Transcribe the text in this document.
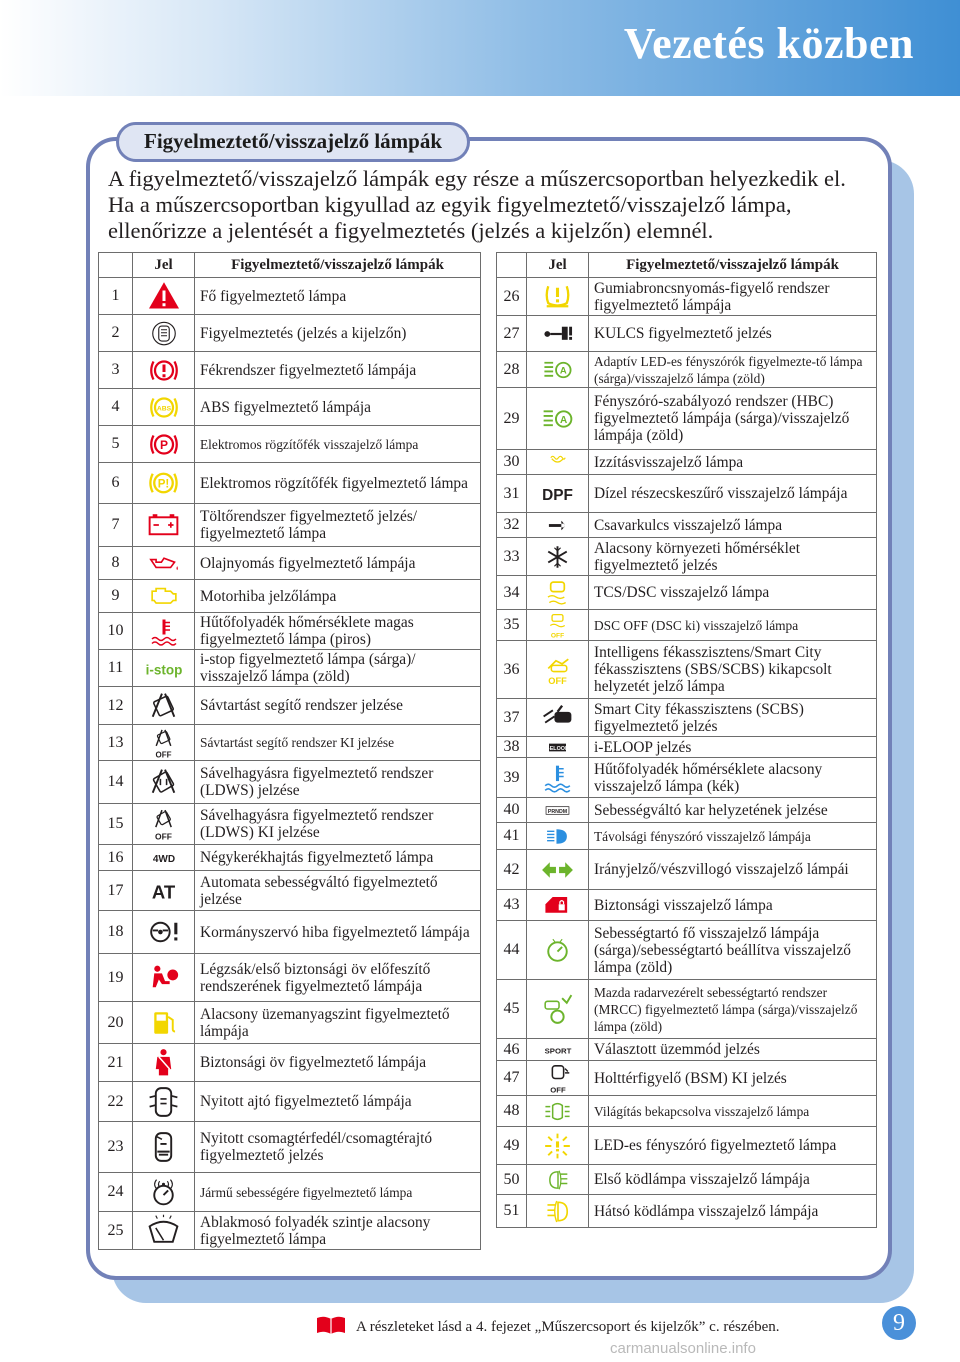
Vezetés közben
Figyelmeztető/visszajelző lámpák
A figyelmeztető/visszajelző lámpák egy része a műszercsoportban helyezkedik el.
Ha a műszercsoportban kigyullad az egyik figyelmeztető/visszajelző lámpa,
ellenőrizze a jelentését a figyelmeztetés (jelzés a kijelzőn) elemnél.
	Jel	Figyelmeztető/visszajelző lámpák
1		Fő figyelmeztető lámpa
2		Figyelmeztetés (jelzés a kijelzőn)
3		Fékrendszer figyelmeztető lámpája
4	ABS	ABS figyelmeztető lámpája
5	P	Elektromos rögzítőfék visszajelző lámpa
6	P!	Elektromos rögzítőfék figyelmeztető lámpa
7		Töltőrendszer figyelmeztető jelzés/ figyelmeztető lámpa
8		Olajnyomás figyelmeztető lámpája
9		Motorhiba jelzőlámpa
10		Hűtőfolyadék hőmérséklete magas figyelmeztető lámpa (piros)
11	i-stop	i-stop figyelmeztető lámpa (sárga)/ visszajelző lámpa (zöld)
12		Sávtartást segítő rendszer jelzése
13	OFF	Sávtartást segítő rendszer KI jelzése
14		Sávelhagyásra figyelmeztető rendszer (LDWS) jelzése
15	OFF	Sávelhagyásra figyelmeztető rendszer (LDWS) KI jelzése
16	4WD	Négykerékhajtás figyelmeztető lámpa
17	AT	Automata sebességváltó figyelmeztető jelzése
18		Kormányszervó hiba figyelmeztető lámpája
19		Légzsák/első biztonsági öv előfeszítő rendszerének figyelmeztető lámpája
20		Alacsony üzemanyagszint figyelmeztető lámpája
21		Biztonsági öv figyelmeztető lámpája
22		Nyitott ajtó figyelmeztető lámpája
23		Nyitott csomagtérfedél/csomagtérajtó figyelmeztető jelzés
24		Jármű sebességére figyelmeztető lámpa
25		Ablakmosó folyadék szintje alacsony figyelmeztető lámpa
	Jel	Figyelmeztető/visszajelző lámpák
26		Gumiabroncsnyomás-figyelő rendszer figyelmeztető lámpája
27		KULCS figyelmeztető jelzés
28	A	Adaptív LED-es fényszórók figyelmezte-tő lámpa (sárga)/visszajelző lámpa (zöld)
29	A	Fényszóró-szabályozó rendszer (HBC) figyelmeztető lámpája (sárga)/visszajelző lámpája (zöld)
30		Izzításvisszajelző lámpa
31	DPF	Dízel részecskeszűrő visszajelző lámpája
32		Csavarkulcs visszajelző lámpa
33		Alacsony környezeti hőmérséklet figyelmeztető jelzés
34		TCS/DSC visszajelző lámpa
35	OFF	DSC OFF (DSC ki) visszajelző lámpa
36	OFF	Intelligens fékasszisztens/Smart City fékasszisztens (SBS/SCBS) kikapcsolt helyzetét jelző lámpa
37		Smart City fékasszisztens (SCBS) figyelmeztető jelzés
38	i-ELOOP	i-ELOOP jelzés
39		Hűtőfolyadék hőmérséklete alacsony visszajelző lámpa (kék)
40	PRNDM	Sebességváltó kar helyzetének jelzése
41		Távolsági fényszóró visszajelző lámpája
42		Irányjelző/vészvillogó visszajelző lámpái
43		Biztonsági visszajelző lámpa
44		Sebességtartó fő visszajelző lámpája (sárga)/sebességtartó beállítva visszajelző lámpa (zöld)
45		Mazda radarvezérelt sebességtartó rendszer (MRCC) figyelmeztető lámpa (sárga)/visszajelző lámpa (zöld)
46	SPORT	Választott üzemmód jelzés
47	OFF	Holttérfigyelő (BSM) KI jelzés
48		Világítás bekapcsolva visszajelző lámpa
49		LED-es fényszóró figyelmeztető lámpa
50		Első ködlámpa visszajelző lámpája
51		Hátsó ködlámpa visszajelző lámpája
A részleteket lásd a 4. fejezet „Műszercsoport és kijelzők” c. részében.	9
carmanualsonline.info
